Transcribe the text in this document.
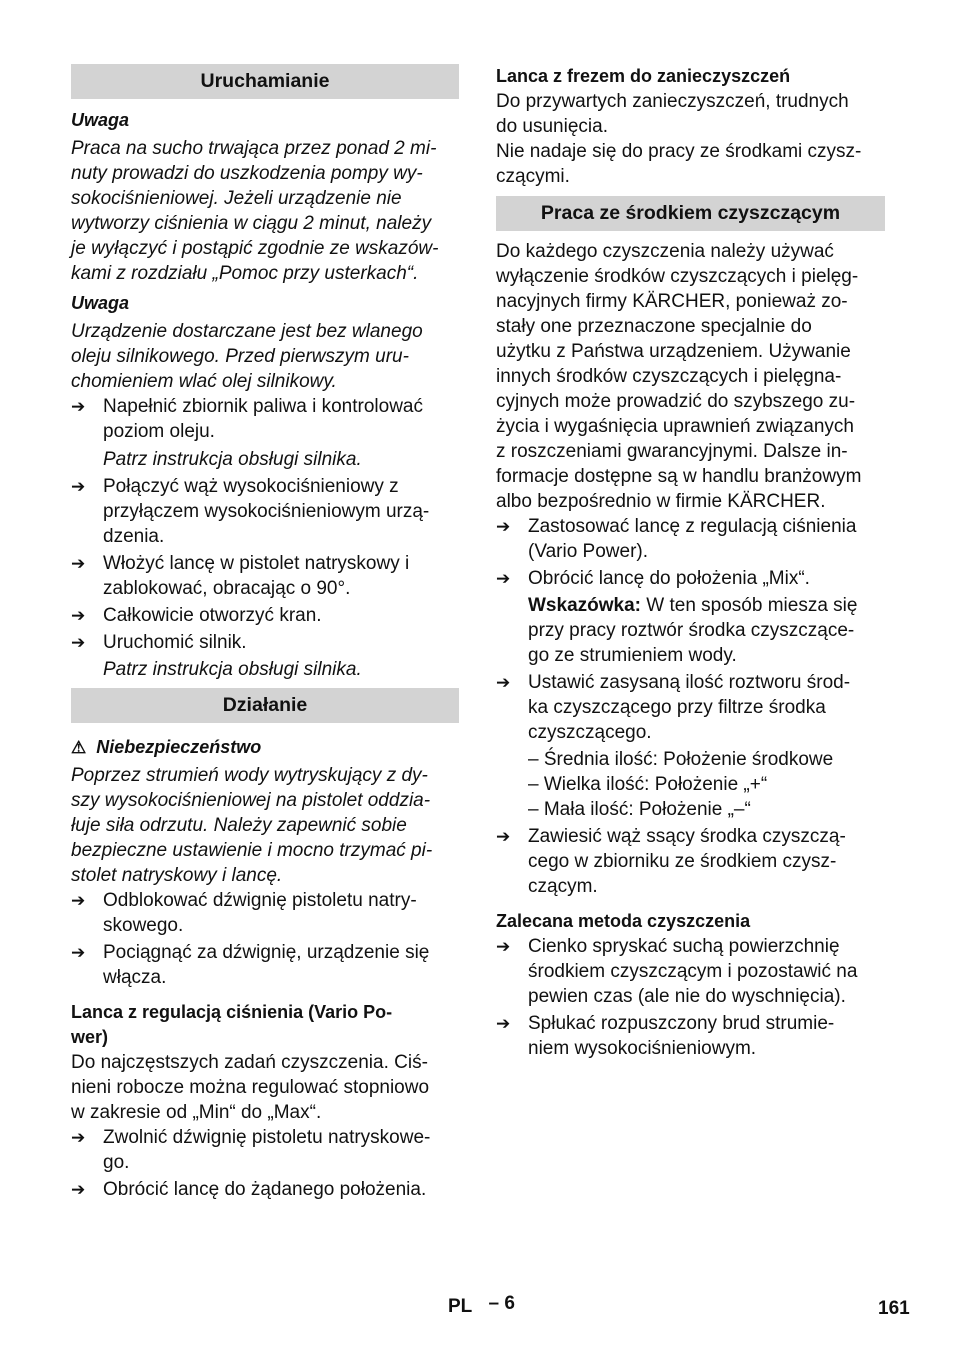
Uruchamianie
Uwaga
Praca na sucho trwająca przez ponad 2 mi-
nuty prowadzi do uszkodzenia pompy wy-
sokociśnieniowej. Jeżeli urządzenie nie
wytworzy ciśnienia w ciągu 2 minut, należy
je wyłączyć i postąpić zgodnie ze wskazów-
kami z rozdziału „Pomoc przy usterkach“.
Uwaga
Urządzenie dostarczane jest bez wlanego
oleju silnikowego. Przed pierwszym uru-
chomieniem wlać olej silnikowy.
➔ Napełnić zbiornik paliwa i kontrolować
poziom oleju.
Patrz instrukcja obsługi silnika.
➔ Połączyć wąż wysokociśnieniowy z
przyłączem wysokociśnieniowym urzą-
dzenia.
➔ Włożyć lancę w pistolet natryskowy i
zablokować, obracając o 90°.
➔ Całkowicie otworzyć kran.
➔ Uruchomić silnik.
Patrz instrukcja obsługi silnika.
Działanie
⚠ Niebezpieczeństwo
Poprzez strumień wody wytryskujący z dy-
szy wysokociśnieniowej na pistolet oddzia-
łuje siła odrzutu. Należy zapewnić sobie
bezpieczne ustawienie i mocno trzymać pi-
stolet natryskowy i lancę.
➔ Odblokować dźwignię pistoletu natry-
skowego.
➔ Pociągnąć za dźwignię, urządzenie się
włącza.
Lanca z regulacją ciśnienia (Vario Po-
wer)
Do najczęstszych zadań czyszczenia. Ciś-
nieni robocze można regulować stopniowo
w zakresie od „Min“ do „Max“.
➔ Zwolnić dźwignię pistoletu natryskowe-
go.
➔ Obrócić lancę do żądanego położenia.
Lanca z frezem do zanieczyszczeń
Do przywartych zanieczyszczeń, trudnych
do usunięcia.
Nie nadaje się do pracy ze środkami czysz-
czącymi.
Praca ze środkiem czyszczącym
Do każdego czyszczenia należy używać
wyłączenie środków czyszczących i pielęg-
nacyjnych firmy KÄRCHER, ponieważ zo-
stały one przeznaczone specjalnie do
użytku z Państwa urządzeniem. Używanie
innych środków czyszczących i pielęgna-
cyjnych może prowadzić do szybszego zu-
życia i wygaśnięcia uprawnień związanych
z roszczeniami gwarancyjnymi. Dalsze in-
formacje dostępne są w handlu branżowym
albo bezpośrednio w firmie KÄRCHER.
➔ Zastosować lancę z regulacją ciśnienia
(Vario Power).
➔ Obrócić lancę do położenia „Mix“.
Wskazówka: W ten sposób miesza się
przy pracy roztwór środka czyszczące-
go ze strumieniem wody.
➔ Ustawić zasysaną ilość roztworu środ-
ka czyszczącego przy filtrze środka
czyszczącego.
– Średnia ilość: Położenie środkowe
– Wielka ilość: Położenie „+“
– Mała ilość: Położenie „–“
➔ Zawiesić wąż ssący środka czyszczą-
cego w zbiorniku ze środkiem czysz-
czącym.
Zalecana metoda czyszczenia
➔ Cienko spryskać suchą powierzchnię
środkiem czyszczącym i pozostawić na
pewien czas (ale nie do wyschnięcia).
➔ Spłukać rozpuszczony brud strumie-
niem wysokociśnieniowym.
PL – 6	161
